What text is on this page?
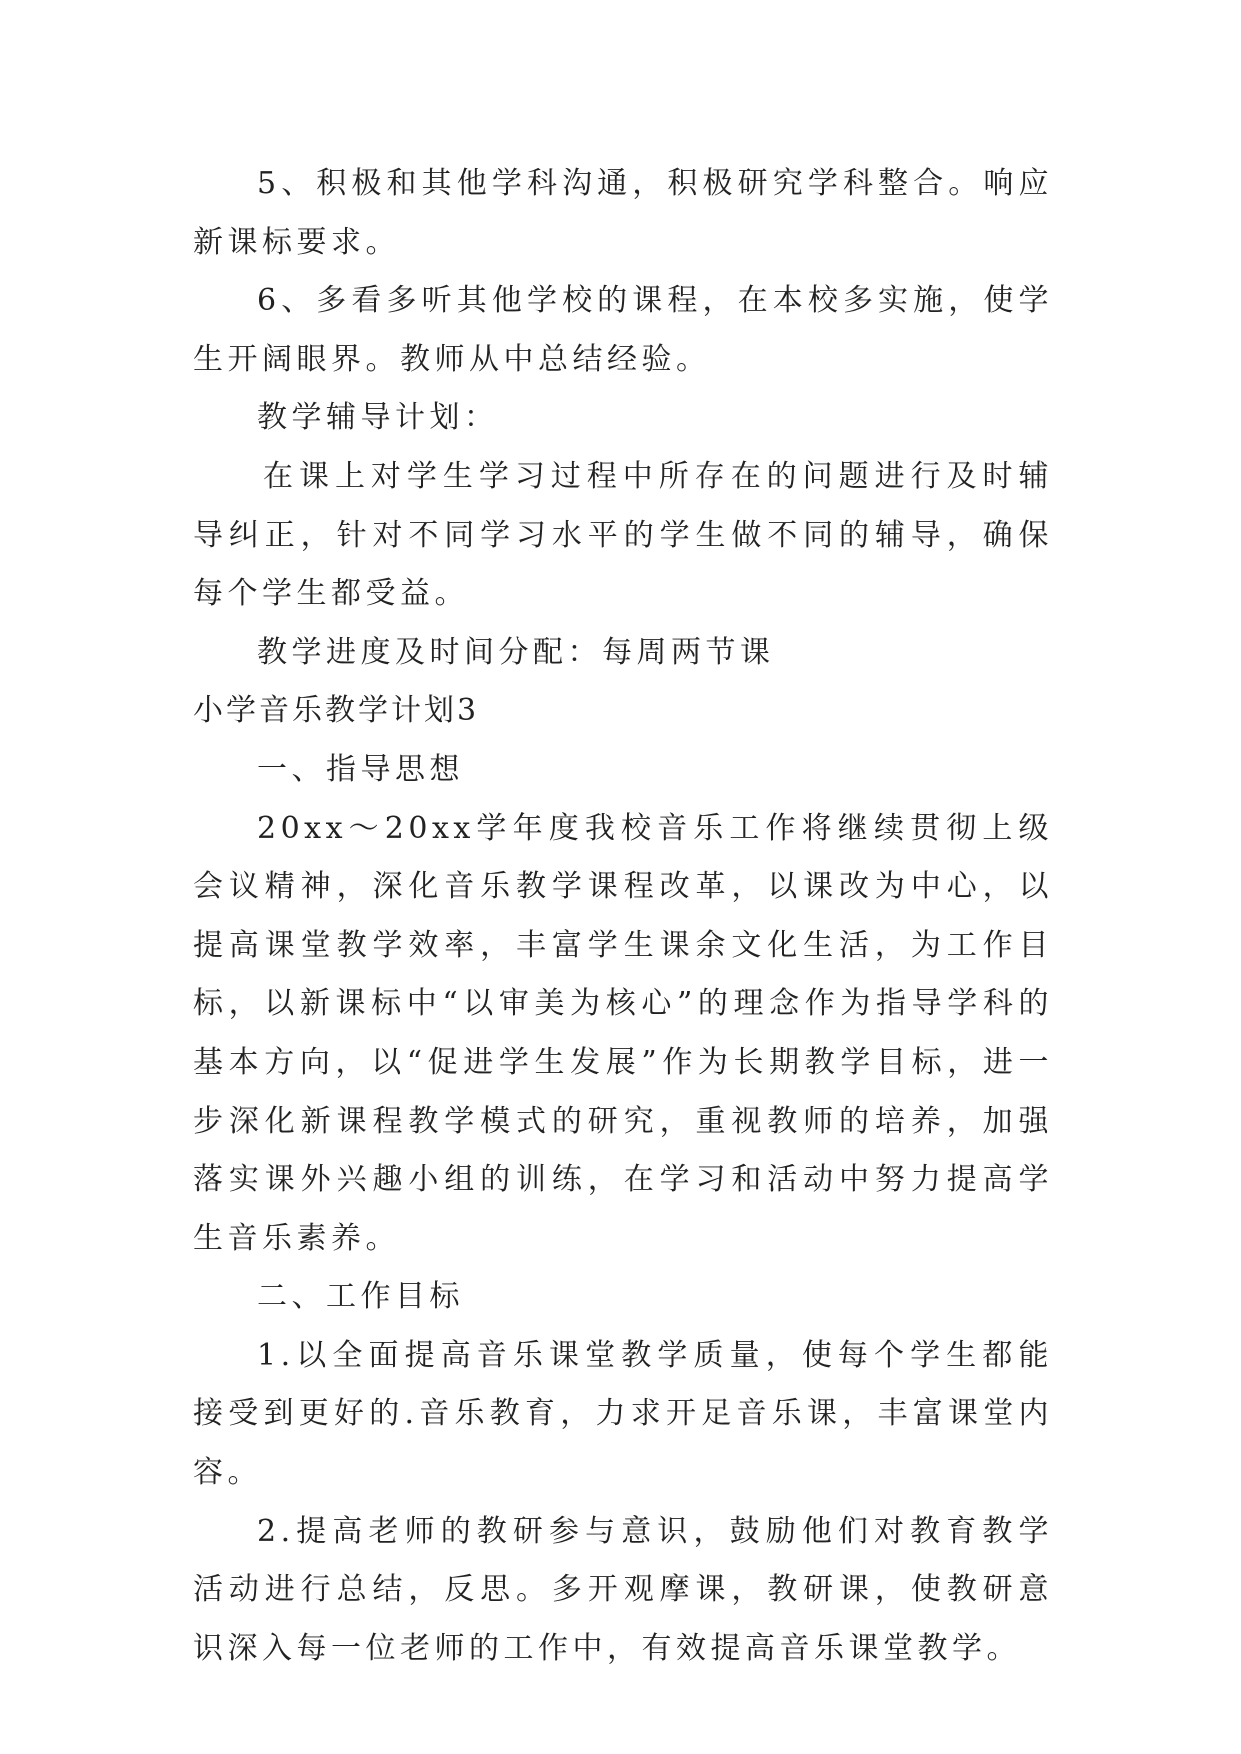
5、积极和其他学科沟通，积极研究学科整合。响应新课标要求。

6、多看多听其他学校的课程，在本校多实施，使学生开阔眼界。教师从中总结经验。

教学辅导计划：

在课上对学生学习过程中所存在的问题进行及时辅导纠正，针对不同学习水平的学生做不同的辅导，确保每个学生都受益。

教学进度及时间分配：每周两节课

小学音乐教学计划3

一、指导思想

20xx～20xx学年度我校音乐工作将继续贯彻上级会议精神，深化音乐教学课程改革，以课改为中心，以提高课堂教学效率，丰富学生课余文化生活，为工作目标，以新课标中“以审美为核心”的理念作为指导学科的基本方向，以“促进学生发展”作为长期教学目标，进一步深化新课程教学模式的研究，重视教师的培养，加强落实课外兴趣小组的训练，在学习和活动中努力提高学生音乐素养。

二、工作目标

1.以全面提高音乐课堂教学质量，使每个学生都能接受到更好的.音乐教育，力求开足音乐课，丰富课堂内容。

2.提高老师的教研参与意识，鼓励他们对教育教学活动进行总结，反思。多开观摩课，教研课，使教研意识深入每一位老师的工作中，有效提高音乐课堂教学。
